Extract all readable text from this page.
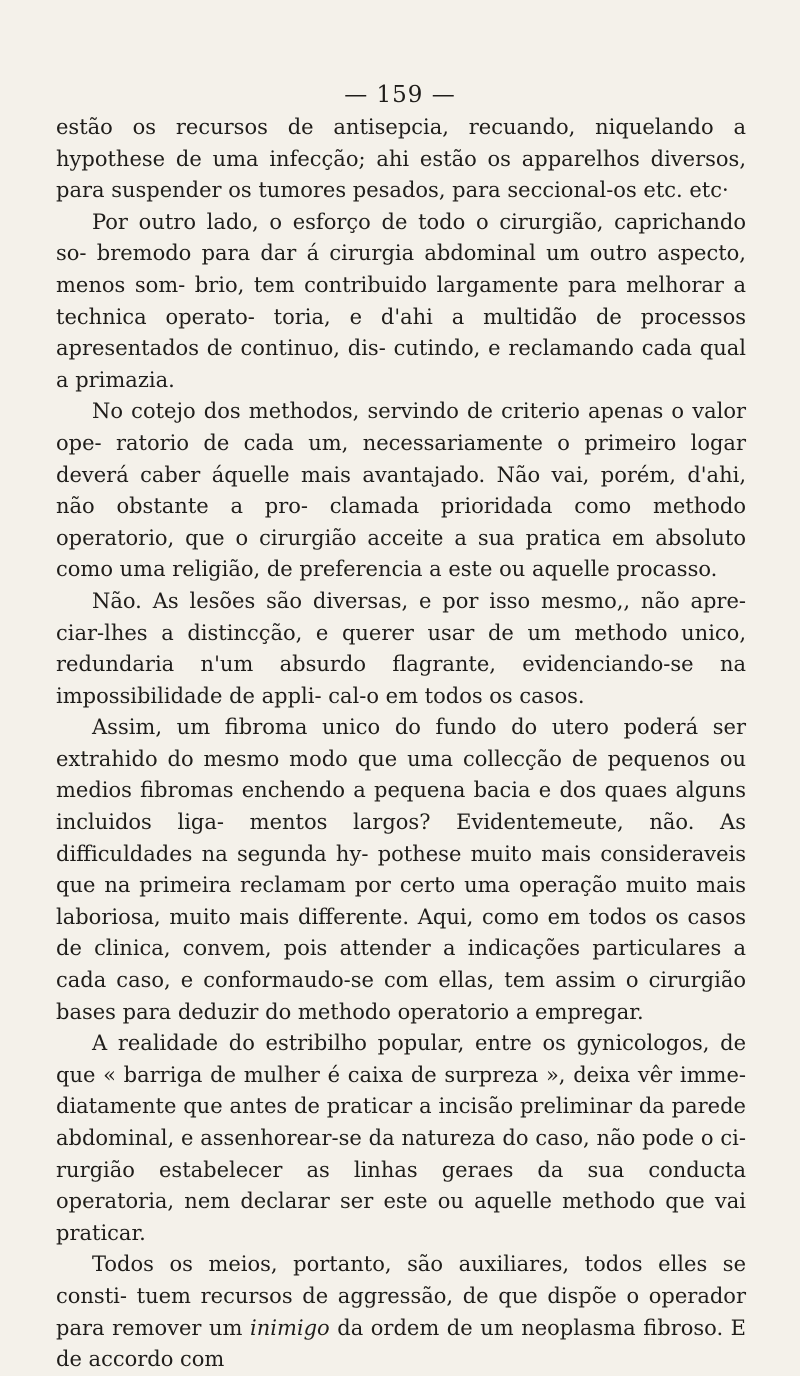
— 159 —

estão os recursos de antisepcia, recuando, niquelando a hypothese de uma infecção; ahi estão os apparelhos diversos, para suspender os tumores pesados, para seccional-os etc. etc·

Por outro lado, o esforço de todo o cirurgião, caprichando so- bremodo para dar á cirurgia abdominal um outro aspecto, menos som- brio, tem contribuido largamente para melhorar a technica operato- toria, e d'ahi a multidão de processos apresentados de continuo, dis- cutindo, e reclamando cada qual a primazia.

No cotejo dos methodos, servindo de criterio apenas o valor ope- ratorio de cada um, necessariamente o primeiro logar deverá caber áquelle mais avantajado. Não vai, porém, d'ahi, não obstante a pro- clamada prioridada como methodo operatorio, que o cirurgião acceite a sua pratica em absoluto como uma religião, de preferencia a este ou aquelle procasso.

Não. As lesões são diversas, e por isso mesmo,, não apre- ciar-lhes a distincção, e querer usar de um methodo unico, redundaria n'um absurdo flagrante, evidenciando-se na impossibilidade de appli- cal-o em todos os casos.

Assim, um fibroma unico do fundo do utero poderá ser extrahido do mesmo modo que uma collecção de pequenos ou medios fibromas enchendo a pequena bacia e dos quaes alguns incluidos liga- mentos largos? Evidentemeute, não. As difficuldades na segunda hy- pothese muito mais consideraveis que na primeira reclamam por certo uma operação muito mais laboriosa, muito mais differente. Aqui, como em todos os casos de clinica, convem, pois attender a indicações particulares a cada caso, e conformaudo-se com ellas, tem assim o cirurgião bases para deduzir do methodo operatorio a empregar.

A realidade do estribilho popular, entre os gynicologos, de que « barriga de mulher é caixa de surpreza », deixa vêr imme- diatamente que antes de praticar a incisão preliminar da parede abdominal, e assenhorear-se da natureza do caso, não pode o ci- rurgião estabelecer as linhas geraes da sua conducta operatoria, nem declarar ser este ou aquelle methodo que vai praticar.

Todos os meios, portanto, são auxiliares, todos elles se consti- tuem recursos de aggressão, de que dispõe o operador para remover um inimigo da ordem de um neoplasma fibroso. E de accordo com
